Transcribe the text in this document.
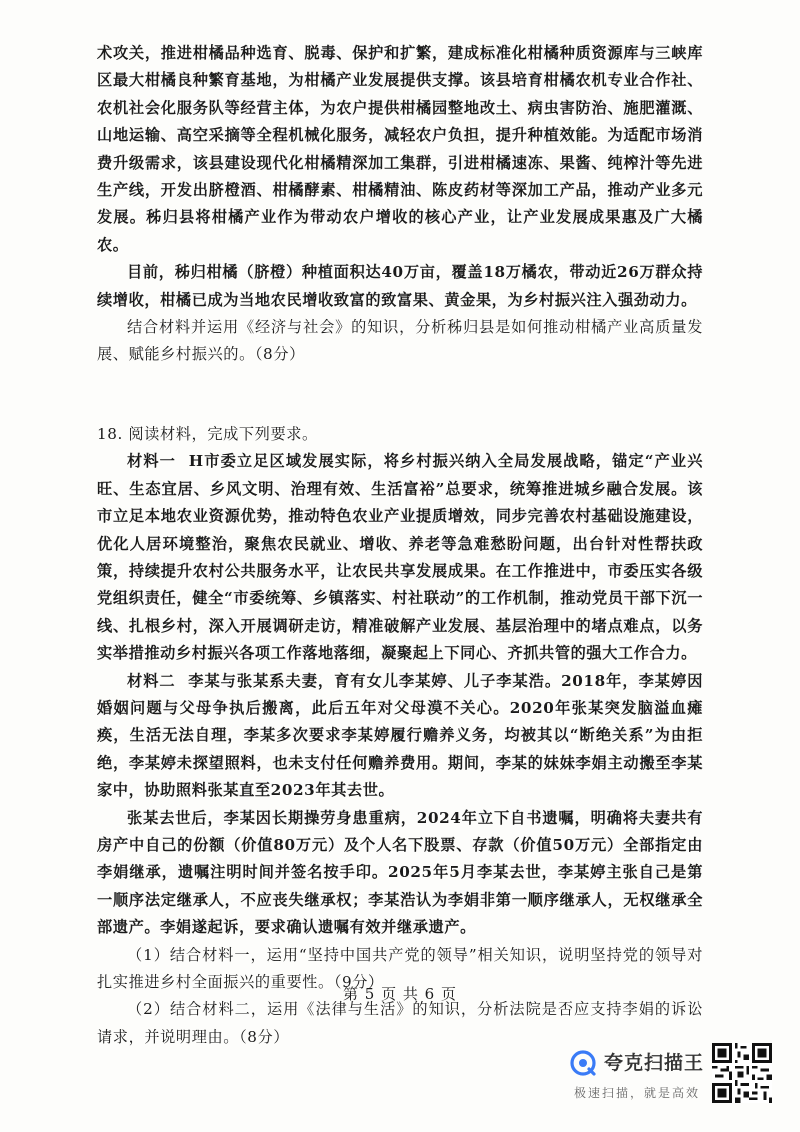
术攻关，推进柑橘品种选育、脱毒、保护和扩繁，建成标准化柑橘种质资源库与三峡库区最大柑橘良种繁育基地，为柑橘产业发展提供支撑。该县培育柑橘农机专业合作社、农机社会化服务队等经营主体，为农户提供柑橘园整地改土、病虫害防治、施肥灌溉、山地运输、高空采摘等全程机械化服务，减轻农户负担，提升种植效能。为适配市场消费升级需求，该县建设现代化柑橘精深加工集群，引进柑橘速冻、果酱、纯榨汁等先进生产线，开发出脐橙酒、柑橘酵素、柑橘精油、陈皮药材等深加工产品，推动产业多元发展。秭归县将柑橘产业作为带动农户增收的核心产业，让产业发展成果惠及广大橘农。

目前，秭归柑橘（脐橙）种植面积达40万亩，覆盖18万橘农，带动近26万群众持续增收，柑橘已成为当地农民增收致富的致富果、黄金果，为乡村振兴注入强劲动力。

结合材料并运用《经济与社会》的知识，分析秭归县是如何推动柑橘产业高质量发展、赋能乡村振兴的。（8分）

18. 阅读材料，完成下列要求。

材料一 H市委立足区域发展实际，将乡村振兴纳入全局发展战略，锚定“产业兴旺、生态宜居、乡风文明、治理有效、生活富裕”总要求，统筹推进城乡融合发展。该市立足本地农业资源优势，推动特色农业产业提质增效，同步完善农村基础设施建设，优化人居环境整治，聚焦农民就业、增收、养老等急难愁盼问题，出台针对性帮扶政策，持续提升农村公共服务水平，让农民共享发展成果。在工作推进中，市委压实各级党组织责任，健全“市委统筹、乡镇落实、村社联动”的工作机制，推动党员干部下沉一线、扎根乡村，深入开展调研走访，精准破解产业发展、基层治理中的堵点难点，以务实举措推动乡村振兴各项工作落地落细，凝聚起上下同心、齐抓共管的强大工作合力。

材料二 李某与张某系夫妻，育有女儿李某婷、儿子李某浩。2018年，李某婷因婚姻问题与父母争执后搬离，此后五年对父母漠不关心。2020年张某突发脑溢血瘫痪，生活无法自理，李某多次要求李某婷履行赡养义务，均被其以“断绝关系”为由拒绝，李某婷未探望照料，也未支付任何赡养费用。期间，李某的妹妹李娟主动搬至李某家中，协助照料张某直至2023年其去世。

张某去世后，李某因长期操劳身患重病，2024年立下自书遗嘱，明确将夫妻共有房产中自己的份额（价值80万元）及个人名下股票、存款（价值50万元）全部指定由李娟继承，遗嘱注明时间并签名按手印。2025年5月李某去世，李某婷主张自己是第一顺序法定继承人，不应丧失继承权；李某浩认为李娟非第一顺序继承人，无权继承全部遗产。李娟遂起诉，要求确认遗嘱有效并继承遗产。

（1）结合材料一，运用“坚持中国共产党的领导”相关知识，说明坚持党的领导对扎实推进乡村全面振兴的重要性。（9分）

（2）结合材料二，运用《法律与生活》的知识，分析法院是否应支持李娟的诉讼请求，并说明理由。（8分）

第 5 页 共 6 页
夸克扫描王
极速扫描，就是高效
